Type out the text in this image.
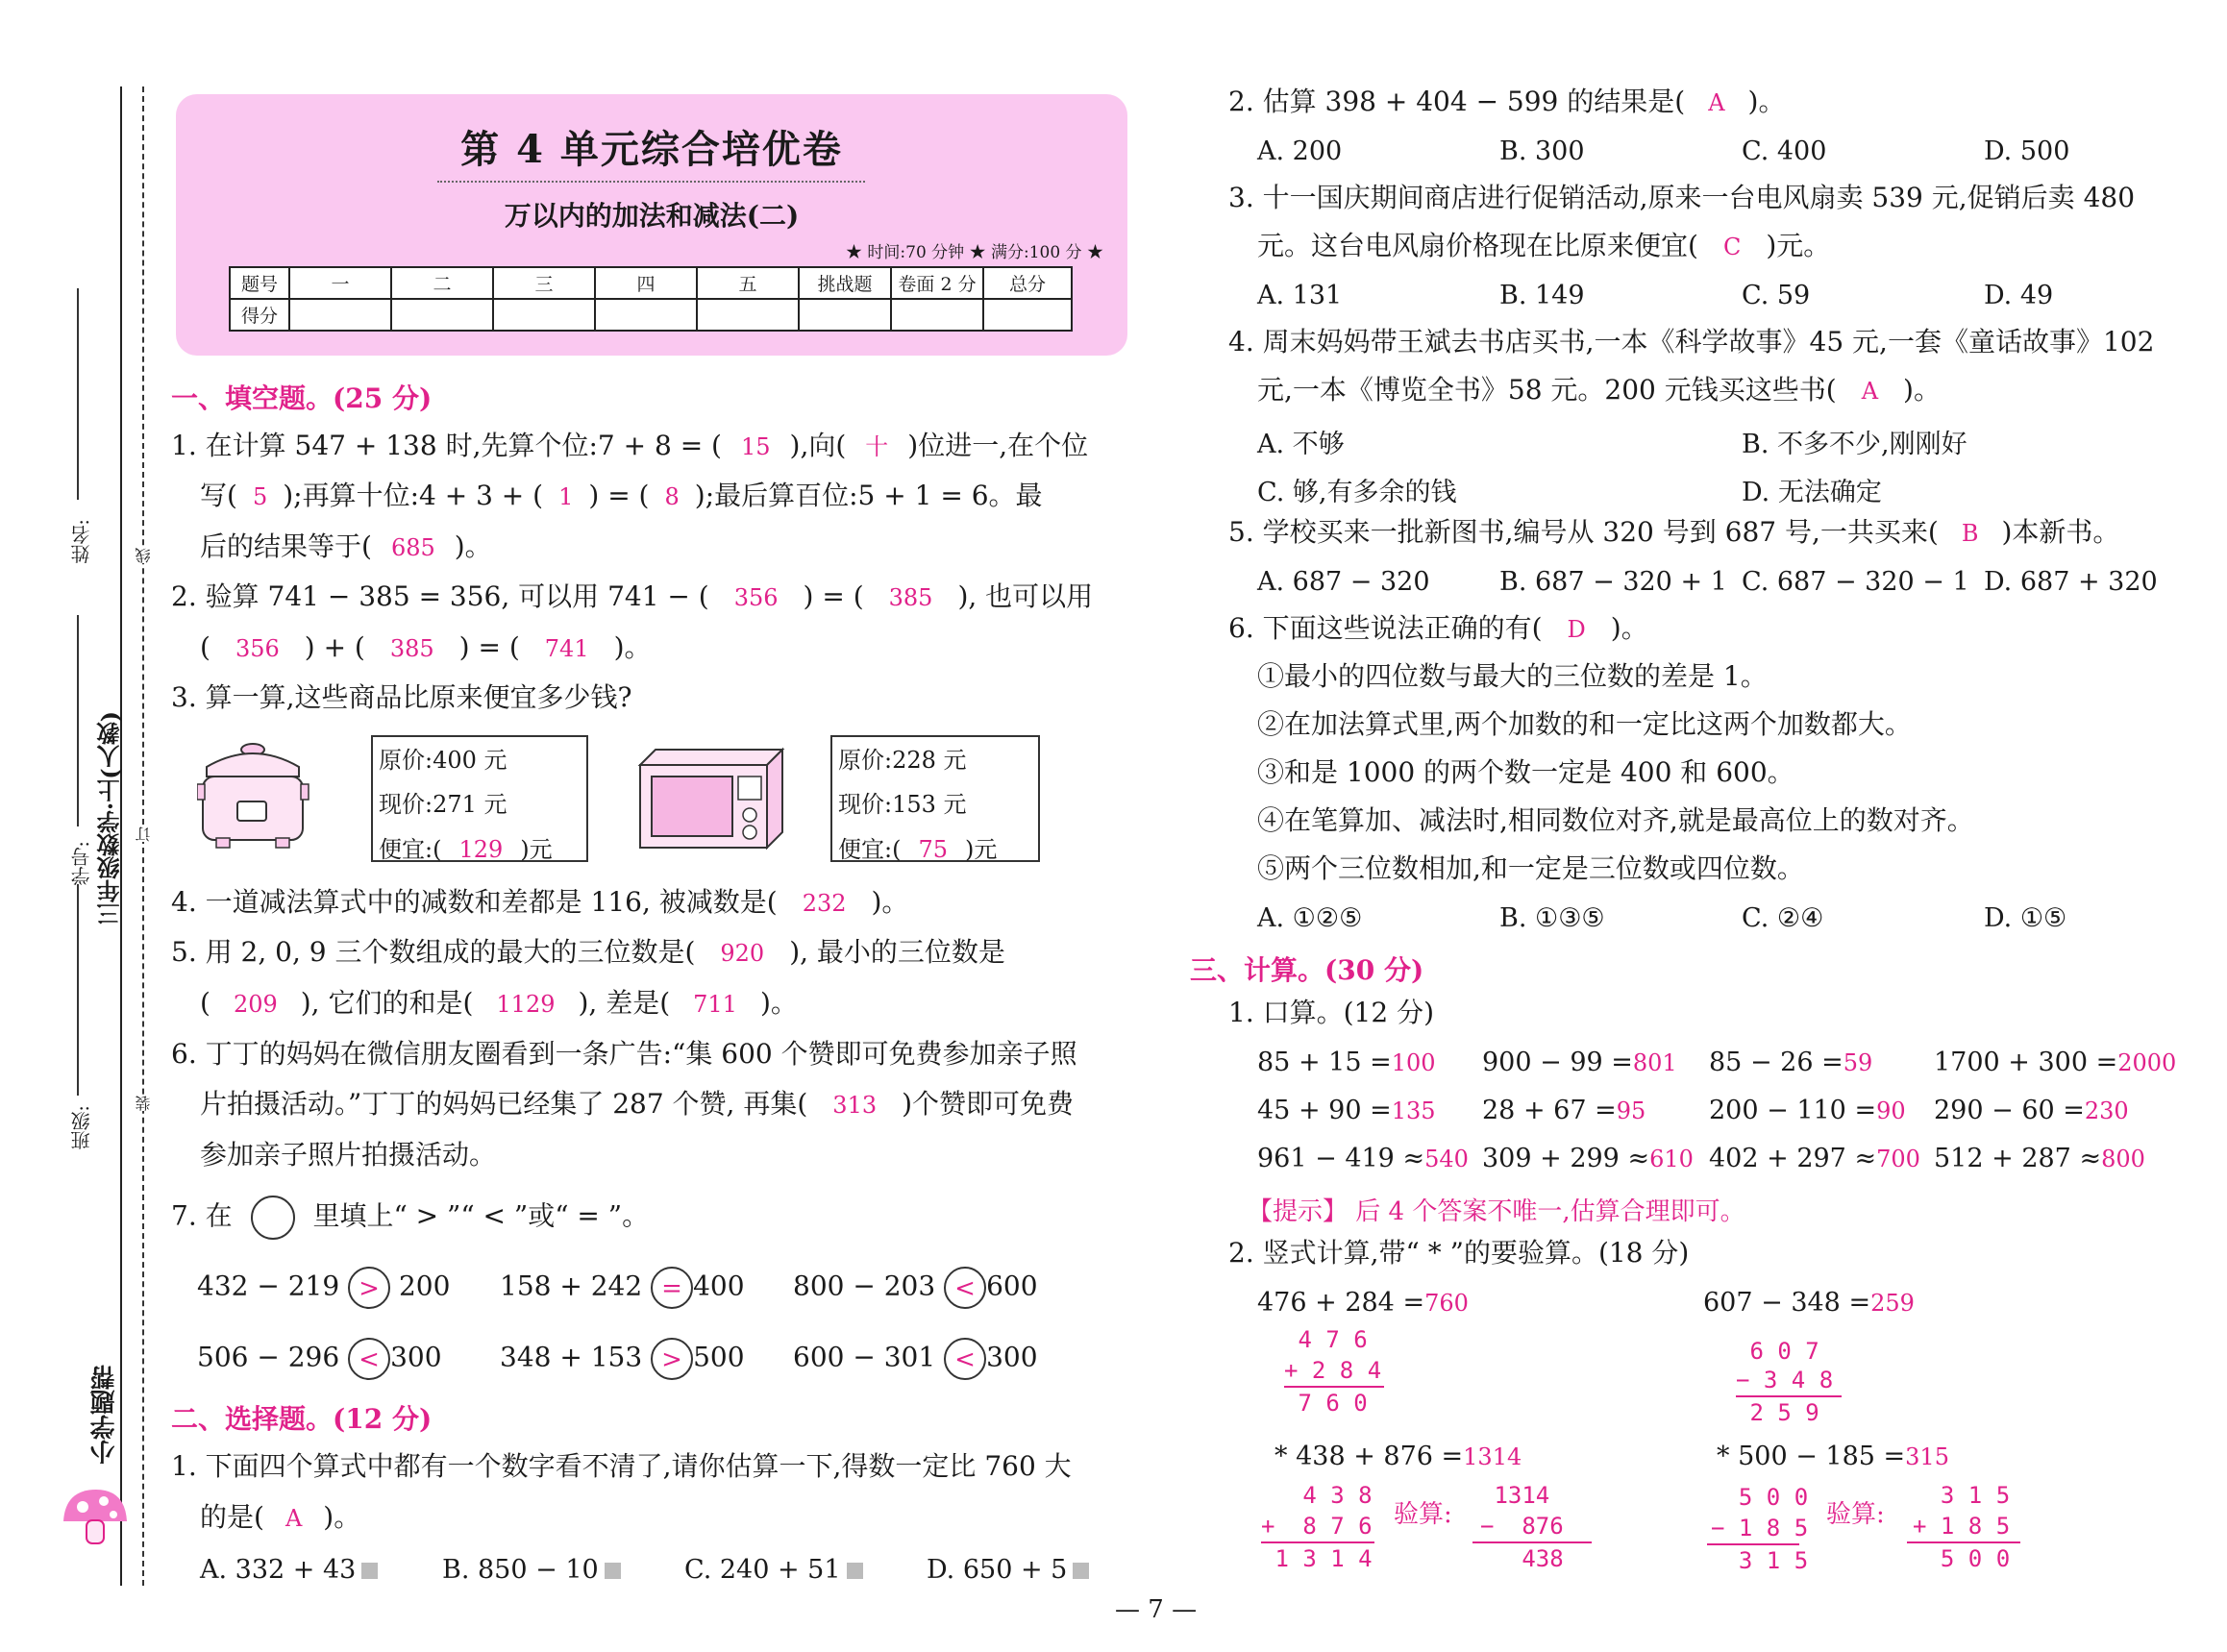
姓名:
学号: 三年级数学·上(人教)
班级:
线
订
装
小学题帮
第 4 单元综合培优卷
万以内的加法和减法(二)
★ 时间:70 分钟 ★ 满分:100 分 ★
题号	一	二	三	四	五	挑战题	卷面 2 分	总分
得分								
一、填空题。(25 分)
1. 在计算 547 + 138 时,先算个位:7 + 8 = ( 15 ),向( 十 )位进一,在个位
写( 5 );再算十位:4 + 3 + ( 1 ) = ( 8 );最后算百位:5 + 1 = 6。最
后的结果等于( 685 )。
2. 验算 741 − 385 = 356, 可以用 741 − ( 356 ) = ( 385 ), 也可以用
( 356 ) + ( 385 ) = ( 741 )。
3. 算一算,这些商品比原来便宜多少钱?
原价:400 元
现价:271 元
便宜:( 129 )元
原价:228 元
现价:153 元
便宜:( 75 )元
4. 一道减法算式中的减数和差都是 116, 被减数是( 232 )。
5. 用 2, 0, 9 三个数组成的最大的三位数是( 920 ), 最小的三位数是
( 209 ), 它们的和是( 1129 ), 差是( 711 )。
6. 丁丁的妈妈在微信朋友圈看到一条广告:“集 600 个赞即可免费参加亲子照
片拍摄活动。”丁丁的妈妈已经集了 287 个赞, 再集( 313 )个赞即可免费
参加亲子照片拍摄活动。
7. 在	里填上“ > ”“ < ”或“ = ”。
432 − 219 > 200 158 + 242 = 400 800 − 203 < 600
506 − 296 < 300 348 + 153 > 500 600 − 301 < 300
二、选择题。(12 分)
1. 下面四个算式中都有一个数字看不清了,请你估算一下,得数一定比 760 大
的是( A )。
A. 332 + 43	B. 850 − 10	C. 240 + 51	D. 650 + 5
2. 估算 398 + 404 − 599 的结果是( A )。
A. 200	B. 300	C. 400	D. 500
3. 十一国庆期间商店进行促销活动,原来一台电风扇卖 539 元,促销后卖 480
元。这台电风扇价格现在比原来便宜( C )元。
A. 131	B. 149	C. 59	D. 49
4. 周末妈妈带王斌去书店买书,一本《科学故事》45 元,一套《童话故事》102
元,一本《博览全书》58 元。200 元钱买这些书( A )。
A. 不够	B. 不多不少,刚刚好
C. 够,有多余的钱	D. 无法确定
5. 学校买来一批新图书,编号从 320 号到 687 号,一共买来( B )本新书。
A. 687 − 320	B. 687 − 320 + 1 C. 687 − 320 − 1 D. 687 + 320
6. 下面这些说法正确的有( D )。
①最小的四位数与最大的三位数的差是 1。
②在加法算式里,两个加数的和一定比这两个加数都大。
③和是 1000 的两个数一定是 400 和 600。
④在笔算加、减法时,相同数位对齐,就是最高位上的数对齐。
⑤两个三位数相加,和一定是三位数或四位数。
A. ①②⑤	B. ①③⑤	C. ②④	D. ①⑤
三、计算。(30 分)
1. 口算。(12 分)
85 + 15 =100 900 − 99 =801 85 − 26 =59 1700 + 300 =2000
45 + 90 =135 28 + 67 =95 200 − 110 =90 290 − 60 =230
961 − 419 ≈540 309 + 299 ≈610 402 + 297 ≈700 512 + 287 ≈800
【提示】 后 4 个答案不唯一,估算合理即可。
2. 竖式计算,带“ * ”的要验算。(18 分)
476 + 284 =760
4 7 6
+ 2 8 4
7 6 0
607 − 348 =259
6 0 7
− 3 4 8
2 5 9
* 438 + 876 =1314
4 3 8
+  8 7 6
1 3 1 4
验算:
1314
−  876
438
* 500 − 185 =315
5 0 0
− 1 8 5
3 1 5
验算:
3 1 5
+ 1 8 5
5 0 0
— 7 —
